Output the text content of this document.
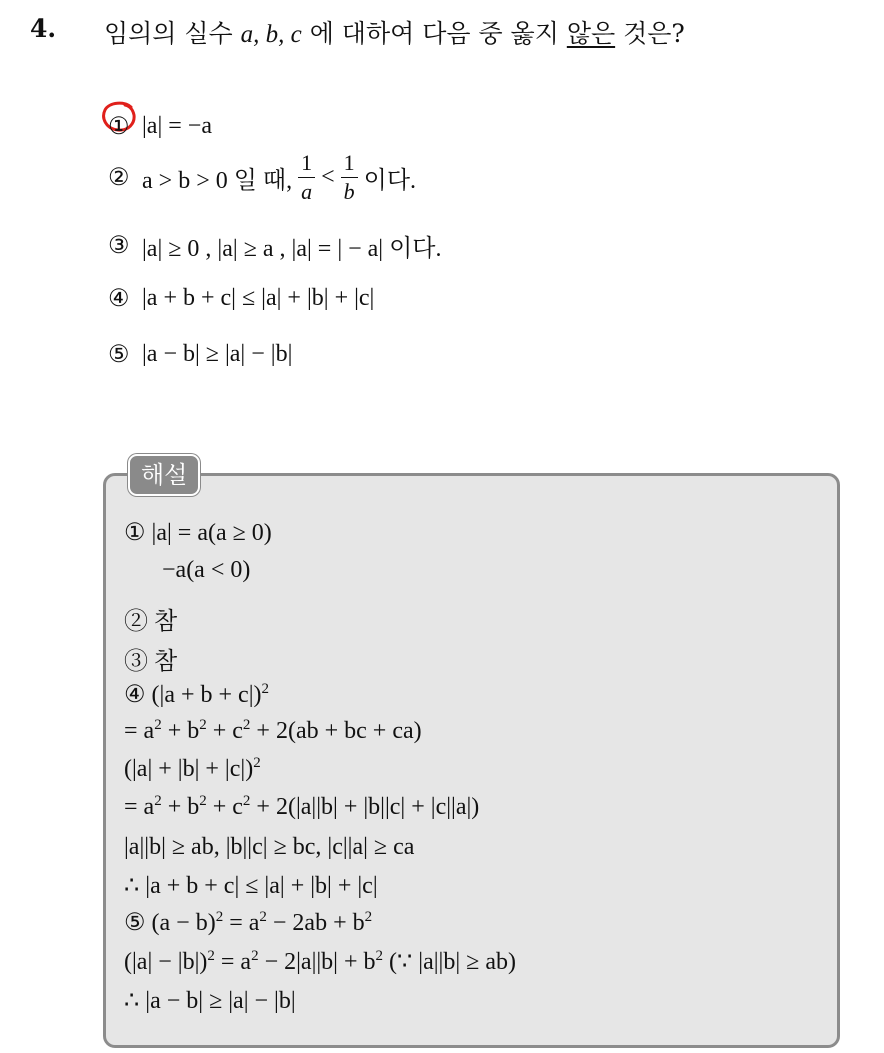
4. 임의의 실수 a, b, c 에 대하여 다음 중 옳지 않은 것은?
① |a| = −a
② a > b > 0 일 때, $\frac{1}{a} < \frac{1}{b}$ 이다.
③ |a| ≥ 0 , |a| ≥ a , |a| = | − a| 이다.
④ |a + b + c| ≤ |a| + |b| + |c|
⑤ |a − b| ≥ |a| − |b|
해설
① |a| = a(a ≥ 0)
−a(a < 0)
② 참
③ 참
④ $(|a + b + c|)^2$
= $a^2 + b^2 + c^2 + 2(ab$ + bc + ca)
$(|a| + |b| + |c|)^2$
= $a^2 + b^2 + c^2 + 2(|a||b| + |b||c| + |c||a|)$
|a||b| ≥ ab, |b||c| ≥ bc, |c||a| ≥ ca
∴ |a + b + c| ≤ |a| + |b| + |c|
⑤ $(a - b)^2 = a^2 - 2ab + b^2$
$(|a| - |b|)^2 = a^2 - 2|a||b| + b^2$ (∵ |a||b| ≥ ab)
∴ |a − b| ≥ |a| − |b|
